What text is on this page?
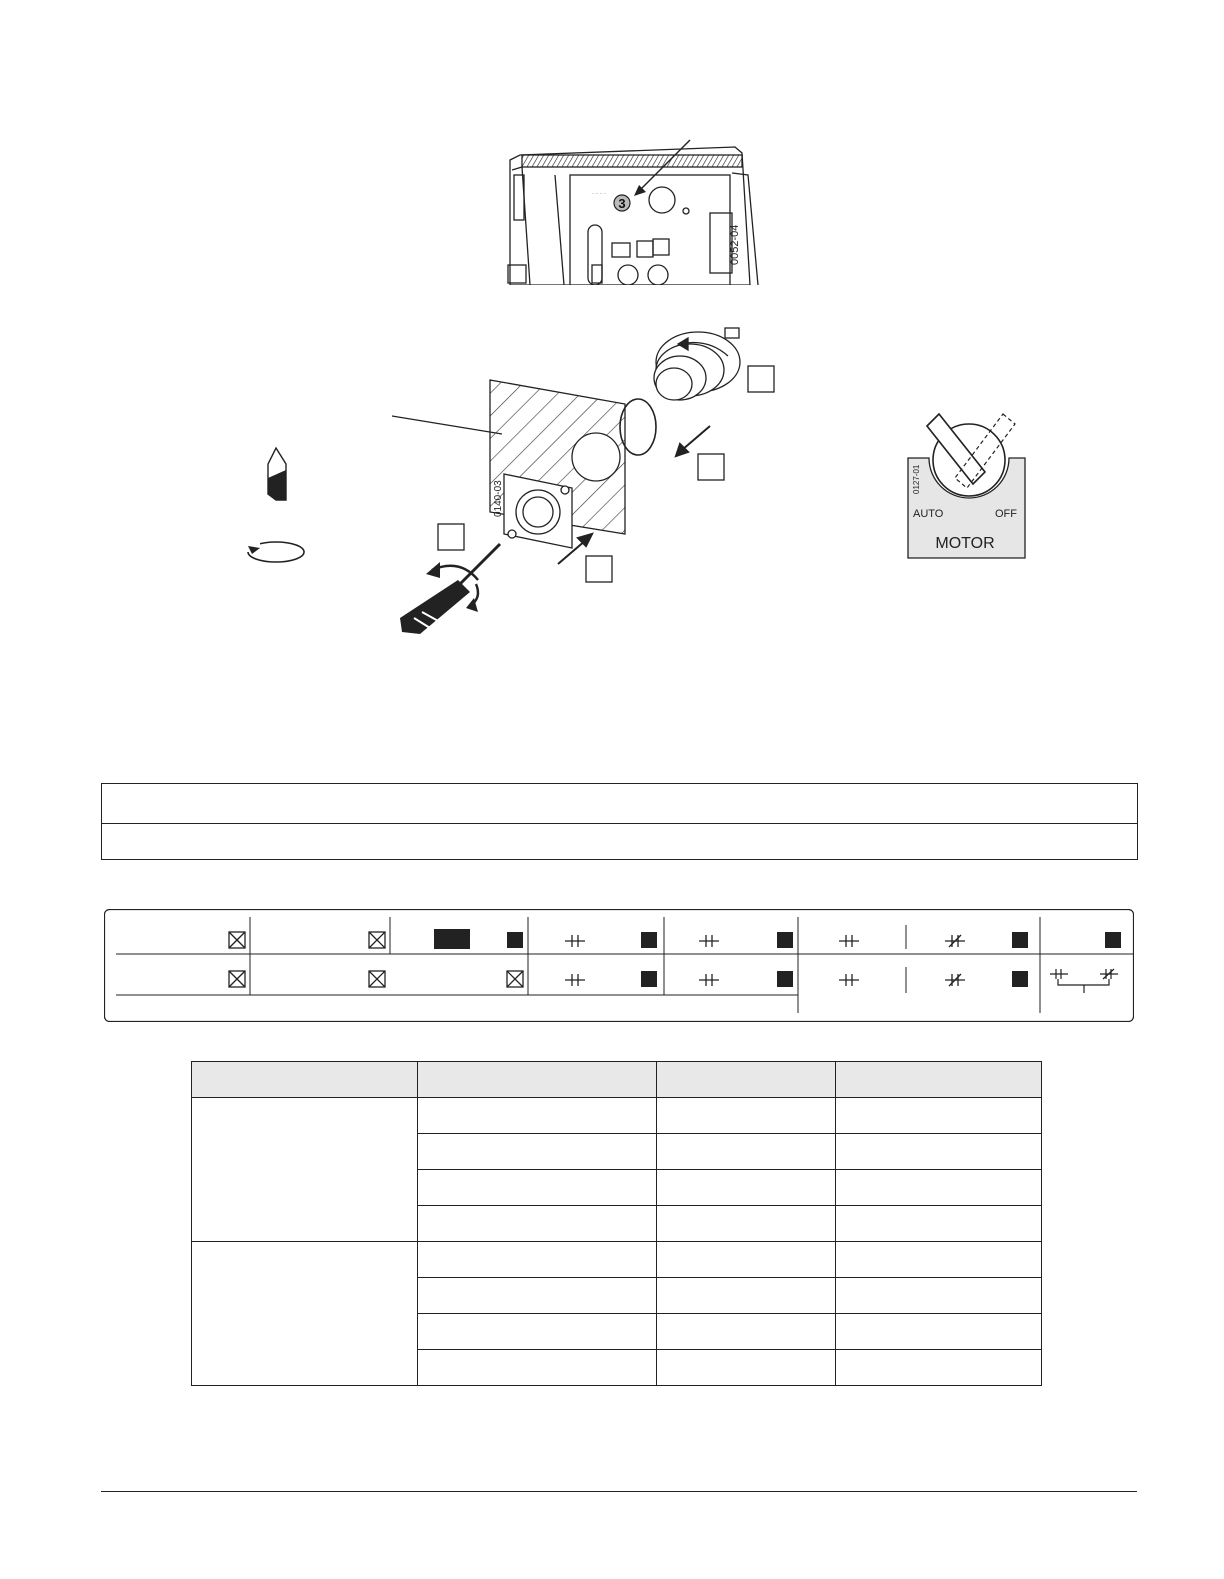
3
·· ·· ·· ··
0052-04
0140-03
0127-01
AUTO	OFF
MOTOR
